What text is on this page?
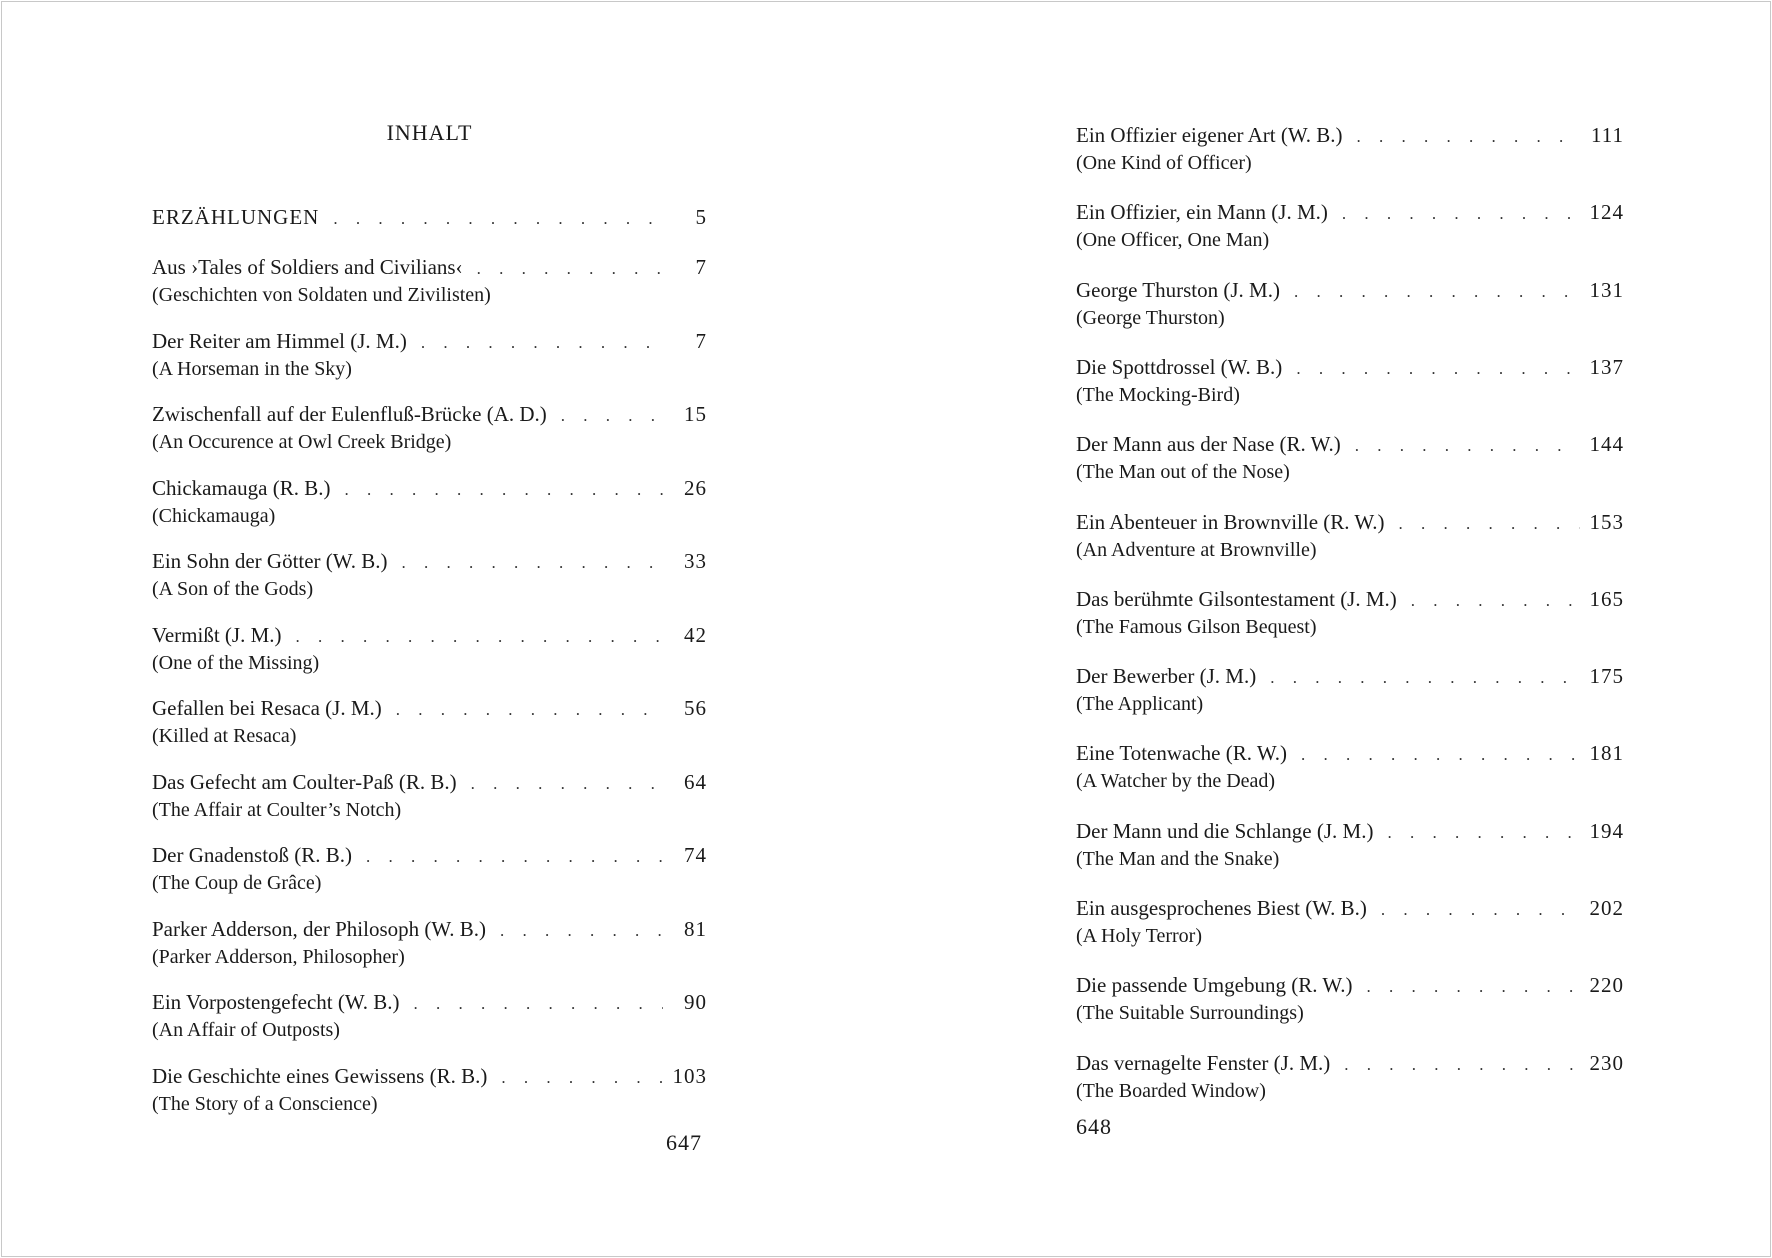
INHALT
ERZÄHLUNGEN . . .	5
Aus ›Tales of Soldiers and Civilians‹ . . .	7
(Geschichten von Soldaten und Zivilisten)
Der Reiter am Himmel (J. M.) . . .	7
(A Horseman in the Sky)
Zwischenfall auf der Eulenfluß-Brücke (A. D.) . . .	15
(An Occurence at Owl Creek Bridge)
Chickamauga (R. B.) . . .	26
(Chickamauga)
Ein Sohn der Götter (W. B.) . . .	33
(A Son of the Gods)
Vermißt (J. M.) . . .	42
(One of the Missing)
Gefallen bei Resaca (J. M.) . . .	56
(Killed at Resaca)
Das Gefecht am Coulter-Paß (R. B.) . . .	64
(The Affair at Coulter’s Notch)
Der Gnadenstoß (R. B.) . . .	74
(The Coup de Grâce)
Parker Adderson, der Philosoph (W. B.) . . .	81
(Parker Adderson, Philosopher)
Ein Vorpostengefecht (W. B.) . . .	90
(An Affair of Outposts)
Die Geschichte eines Gewissens (R. B.) . . .	103
(The Story of a Conscience)
647
Ein Offizier eigener Art (W. B.) . . .	111
(One Kind of Officer)
Ein Offizier, ein Mann (J. M.) . . .	124
(One Officer, One Man)
George Thurston (J. M.) . . .	131
(George Thurston)
Die Spottdrossel (W. B.) . . .	137
(The Mocking-Bird)
Der Mann aus der Nase (R. W.) . . .	144
(The Man out of the Nose)
Ein Abenteuer in Brownville (R. W.) . . .	153
(An Adventure at Brownville)
Das berühmte Gilsontestament (J. M.) . . .	165
(The Famous Gilson Bequest)
Der Bewerber (J. M.) . . .	175
(The Applicant)
Eine Totenwache (R. W.) . . .	181
(A Watcher by the Dead)
Der Mann und die Schlange (J. M.) . . .	194
(The Man and the Snake)
Ein ausgesprochenes Biest (W. B.) . . .	202
(A Holy Terror)
Die passende Umgebung (R. W.) . . .	220
(The Suitable Surroundings)
Das vernagelte Fenster (J. M.) . . .	230
(The Boarded Window)
648
